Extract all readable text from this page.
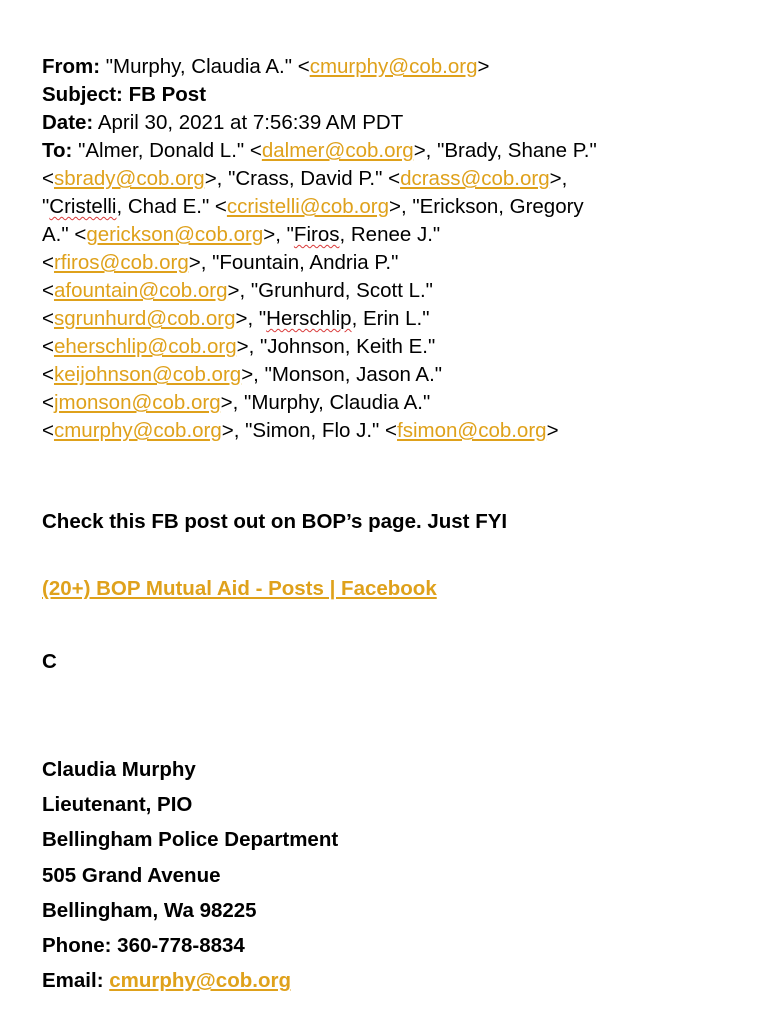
From: "Murphy, Claudia A." <cmurphy@cob.org>
Subject: FB Post
Date: April 30, 2021 at 7:56:39 AM PDT
To: "Almer, Donald L." <dalmer@cob.org>, "Brady, Shane P."
<sbrady@cob.org>, "Crass, David P." <dcrass@cob.org>,
"Cristelli, Chad E." <ccristelli@cob.org>, "Erickson, Gregory
A." <gerickson@cob.org>, "Firos, Renee J."
<rfiros@cob.org>, "Fountain, Andria P."
<afountain@cob.org>, "Grunhurd, Scott L."
<sgrunhurd@cob.org>, "Herschlip, Erin L."
<eherschlip@cob.org>, "Johnson, Keith E."
<keijohnson@cob.org>, "Monson, Jason A."
<jmonson@cob.org>, "Murphy, Claudia A."
<cmurphy@cob.org>, "Simon, Flo J." <fsimon@cob.org>
Check this FB post out on BOP’s page. Just FYI
(20+) BOP Mutual Aid - Posts | Facebook
C
Claudia Murphy
Lieutenant, PIO
Bellingham Police Department
505 Grand Avenue
Bellingham, Wa 98225
Phone: 360-778-8834
Email: cmurphy@cob.org
